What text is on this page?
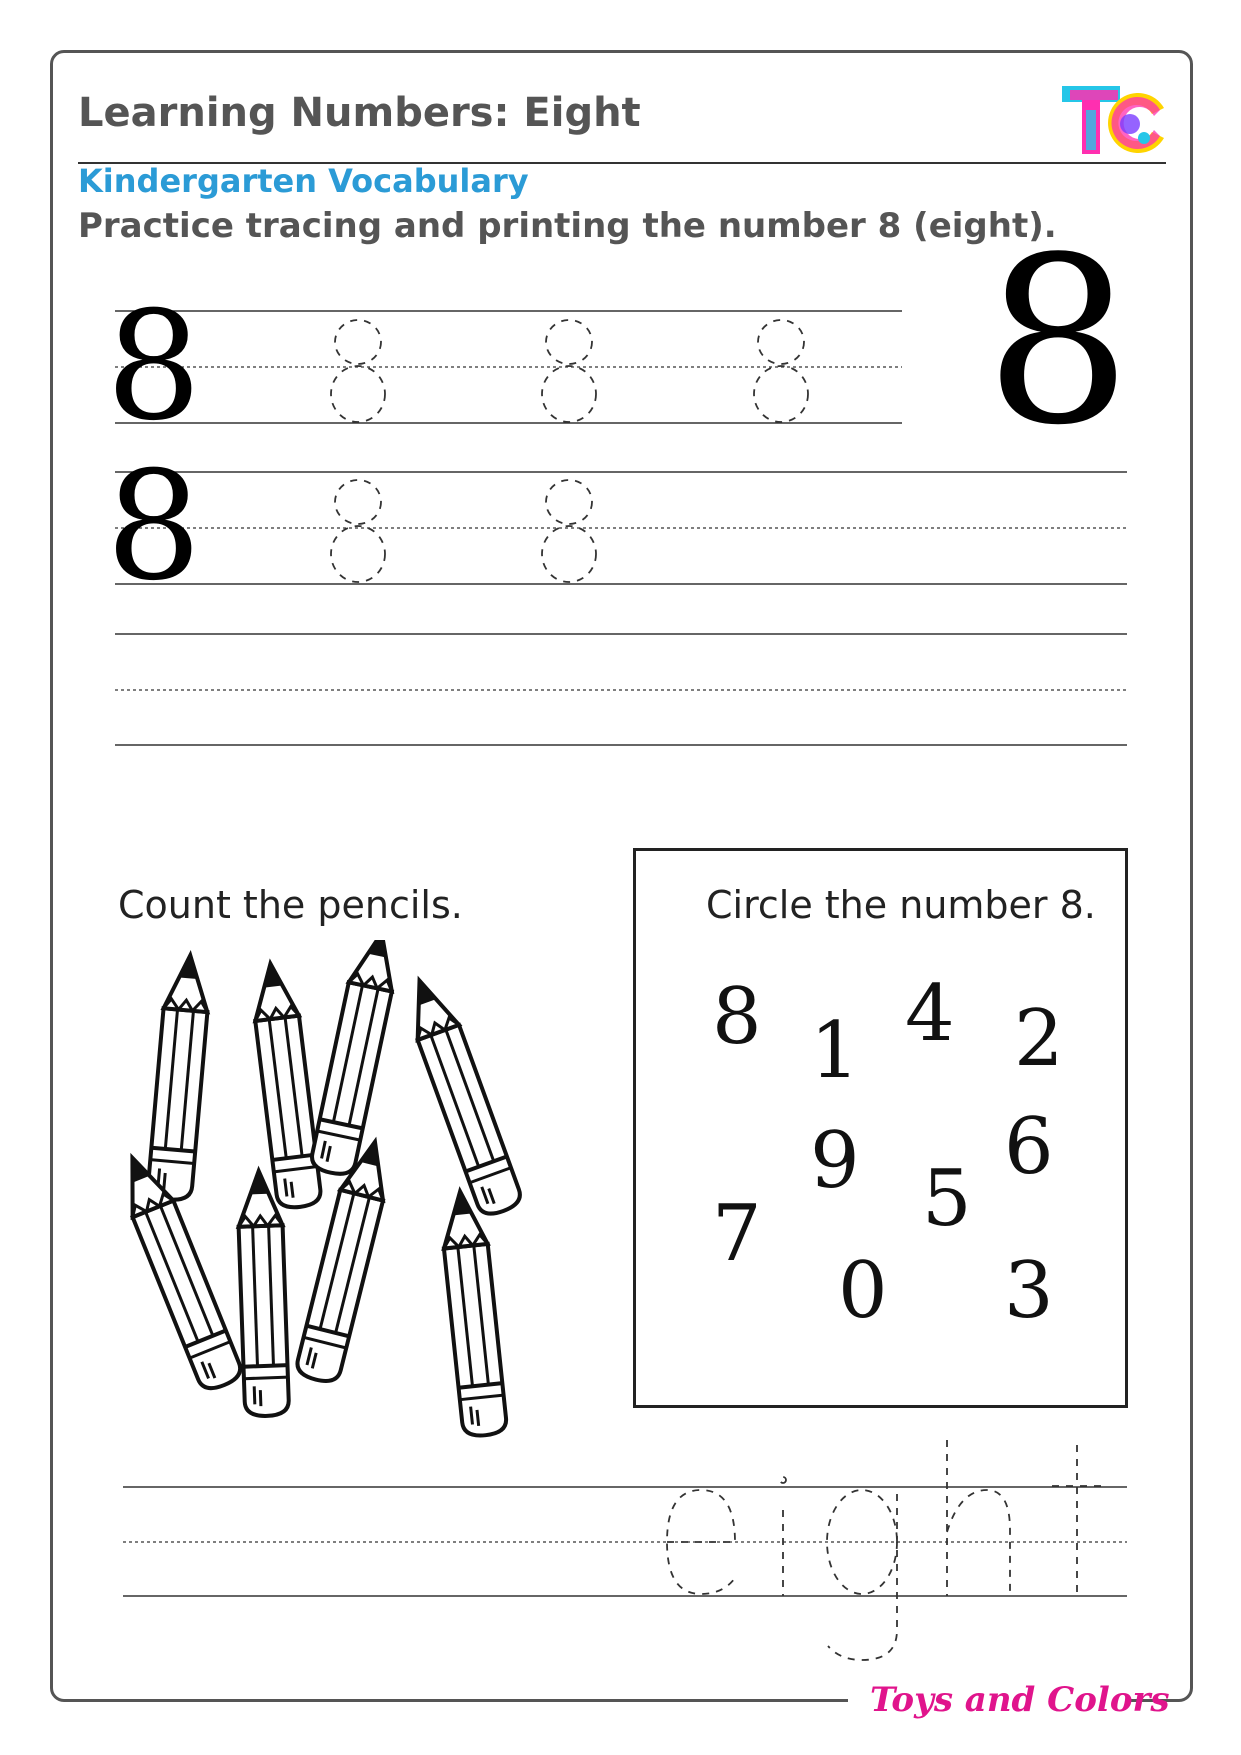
Learning Numbers: Eight
Kindergarten Vocabulary
Practice tracing and printing the number 8 (eight).
8
8
8
Count the pencils.	Circle the number 8.
8 1 4 2
9 6
7 5
0 3
Toys and Colors
